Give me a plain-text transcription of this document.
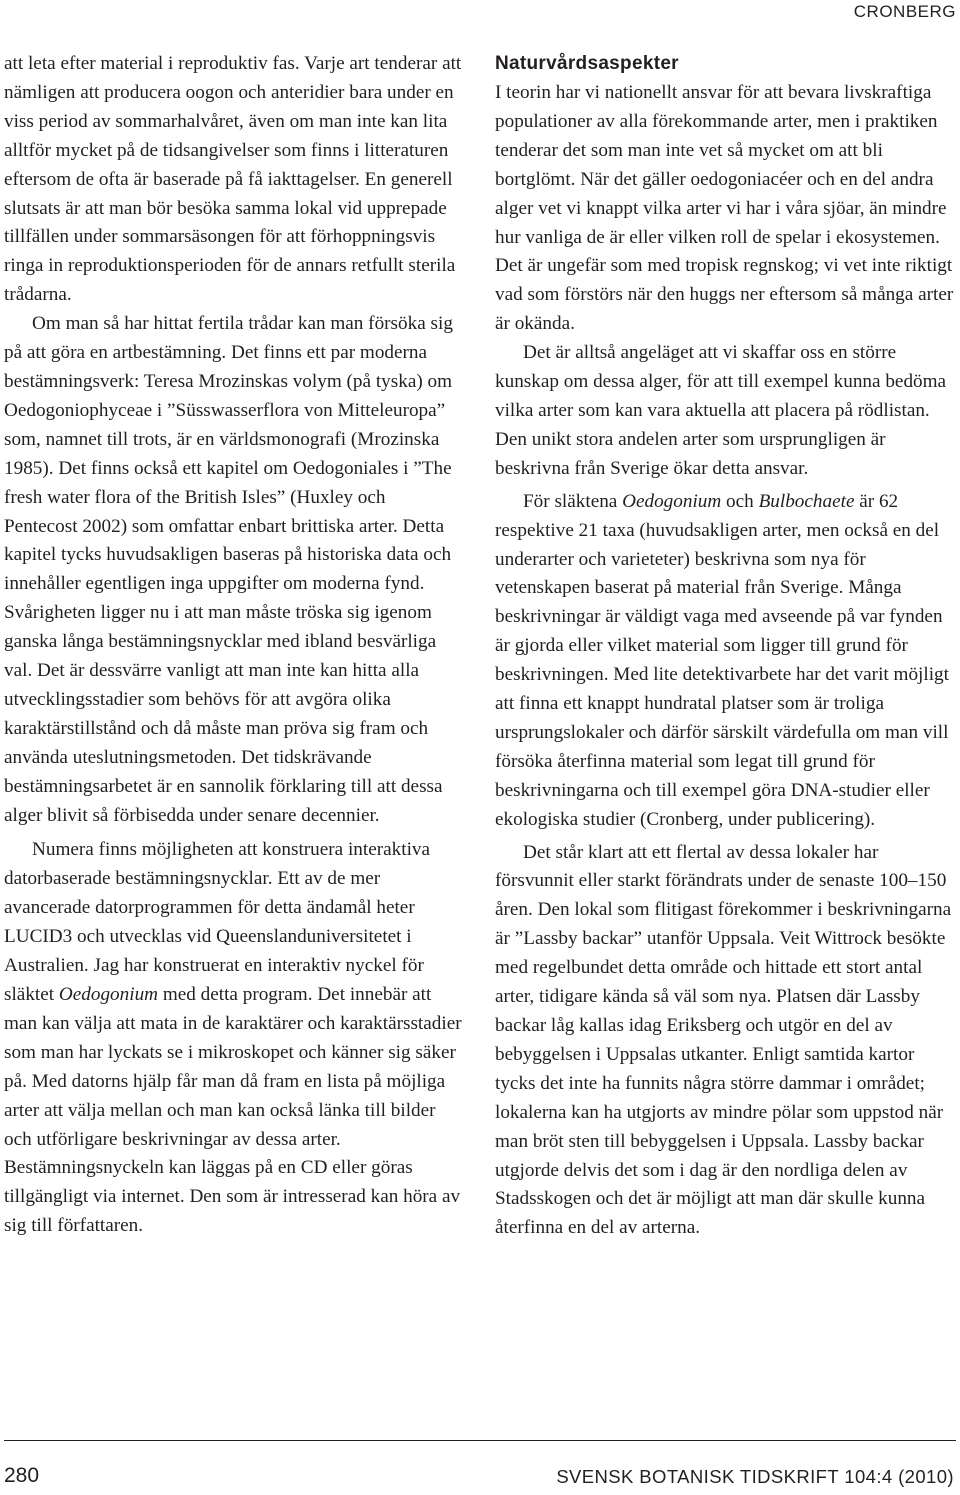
CRONBERG

att leta efter material i reproduktiv fas. Varje art tenderar att nämligen att producera oogon och anteridier bara under en viss period av sommarhalvåret, även om man inte kan lita alltför mycket på de tidsangivelser som finns i litteraturen eftersom de ofta är baserade på få iakttagelser. En generell slutsats är att man bör besöka samma lokal vid upprepade tillfällen under sommarsäsongen för att förhoppningsvis ringa in reproduktionsperioden för de annars retfullt sterila trådarna.

Om man så har hittat fertila trådar kan man försöka sig på att göra en artbestämning. Det finns ett par moderna bestämningsverk: Teresa Mrozinskas volym (på tyska) om Oedogoniophyceae i ”Süsswasserflora von Mitteleuropa” som, namnet till trots, är en världsmonografi (Mrozinska 1985). Det finns också ett kapitel om Oedogoniales i ”The fresh water flora of the British Isles” (Huxley och Pentecost 2002) som omfattar enbart brittiska arter. Detta kapitel tycks huvudsakligen baseras på historiska data och innehåller egentligen inga uppgifter om moderna fynd. Svårigheten ligger nu i att man måste tröska sig igenom ganska långa bestämningsnycklar med ibland besvärliga val. Det är dessvärre vanligt att man inte kan hitta alla utvecklingsstadier som behövs för att avgöra olika karaktärstillstånd och då måste man pröva sig fram och använda uteslutningsmetoden. Det tidskrävande bestämningsarbetet är en sannolik förklaring till att dessa alger blivit så förbisedda under senare decennier.

Numera finns möjligheten att konstruera interaktiva datorbaserade bestämningsnycklar. Ett av de mer avancerade datorprogrammen för detta ändamål heter LUCID3 och utvecklas vid Queenslanduniversitetet i Australien. Jag har konstruerat en interaktiv nyckel för släktet Oedogonium med detta program. Det innebär att man kan välja att mata in de karaktärer och karaktärsstadier som man har lyckats se i mikroskopet och känner sig säker på. Med datorns hjälp får man då fram en lista på möjliga arter att välja mellan och man kan också länka till bilder och utförligare beskrivningar av dessa arter. Bestämningsnyckeln kan läggas på en CD eller göras tillgängligt via internet. Den som är intresserad kan höra av sig till författaren.

Naturvårdsaspekter

I teorin har vi nationellt ansvar för att bevara livskraftiga populationer av alla förekommande arter, men i praktiken tenderar det som man inte vet så mycket om att bli bortglömt. När det gäller oedogoniacéer och en del andra alger vet vi knappt vilka arter vi har i våra sjöar, än mindre hur vanliga de är eller vilken roll de spelar i ekosystemen. Det är ungefär som med tropisk regnskog; vi vet inte riktigt vad som förstörs när den huggs ner eftersom så många arter är okända.

Det är alltså angeläget att vi skaffar oss en större kunskap om dessa alger, för att till exempel kunna bedöma vilka arter som kan vara aktuella att placera på rödlistan. Den unikt stora andelen arter som ursprungligen är beskrivna från Sverige ökar detta ansvar.

För släktena Oedogonium och Bulbochaete är 62 respektive 21 taxa (huvudsakligen arter, men också en del underarter och varieteter) beskrivna som nya för vetenskapen baserat på material från Sverige. Många beskrivningar är väldigt vaga med avseende på var fynden är gjorda eller vilket material som ligger till grund för beskrivningen. Med lite detektivarbete har det varit möjligt att finna ett knappt hundratal platser som är troliga ursprungslokaler och därför särskilt värdefulla om man vill försöka återfinna material som legat till grund för beskrivningarna och till exempel göra DNA-studier eller ekologiska studier (Cronberg, under publicering).

Det står klart att ett flertal av dessa lokaler har försvunnit eller starkt förändrats under de senaste 100–150 åren. Den lokal som flitigast förekommer i beskrivningarna är ”Lassby backar” utanför Uppsala. Veit Wittrock besökte med regelbundet detta område och hittade ett stort antal arter, tidigare kända så väl som nya. Platsen där Lassby backar låg kallas idag Eriksberg och utgör en del av bebyggelsen i Uppsalas utkanter. Enligt samtida kartor tycks det inte ha funnits några större dammar i området; lokalerna kan ha utgjorts av mindre pölar som uppstod när man bröt sten till bebyggelsen i Uppsala. Lassby backar utgjorde delvis det som i dag är den nordliga delen av Stadsskogen och det är möjligt att man där skulle kunna återfinna en del av arterna.

280	SVENSK BOTANISK TIDSKRIFT 104:4 (2010)
